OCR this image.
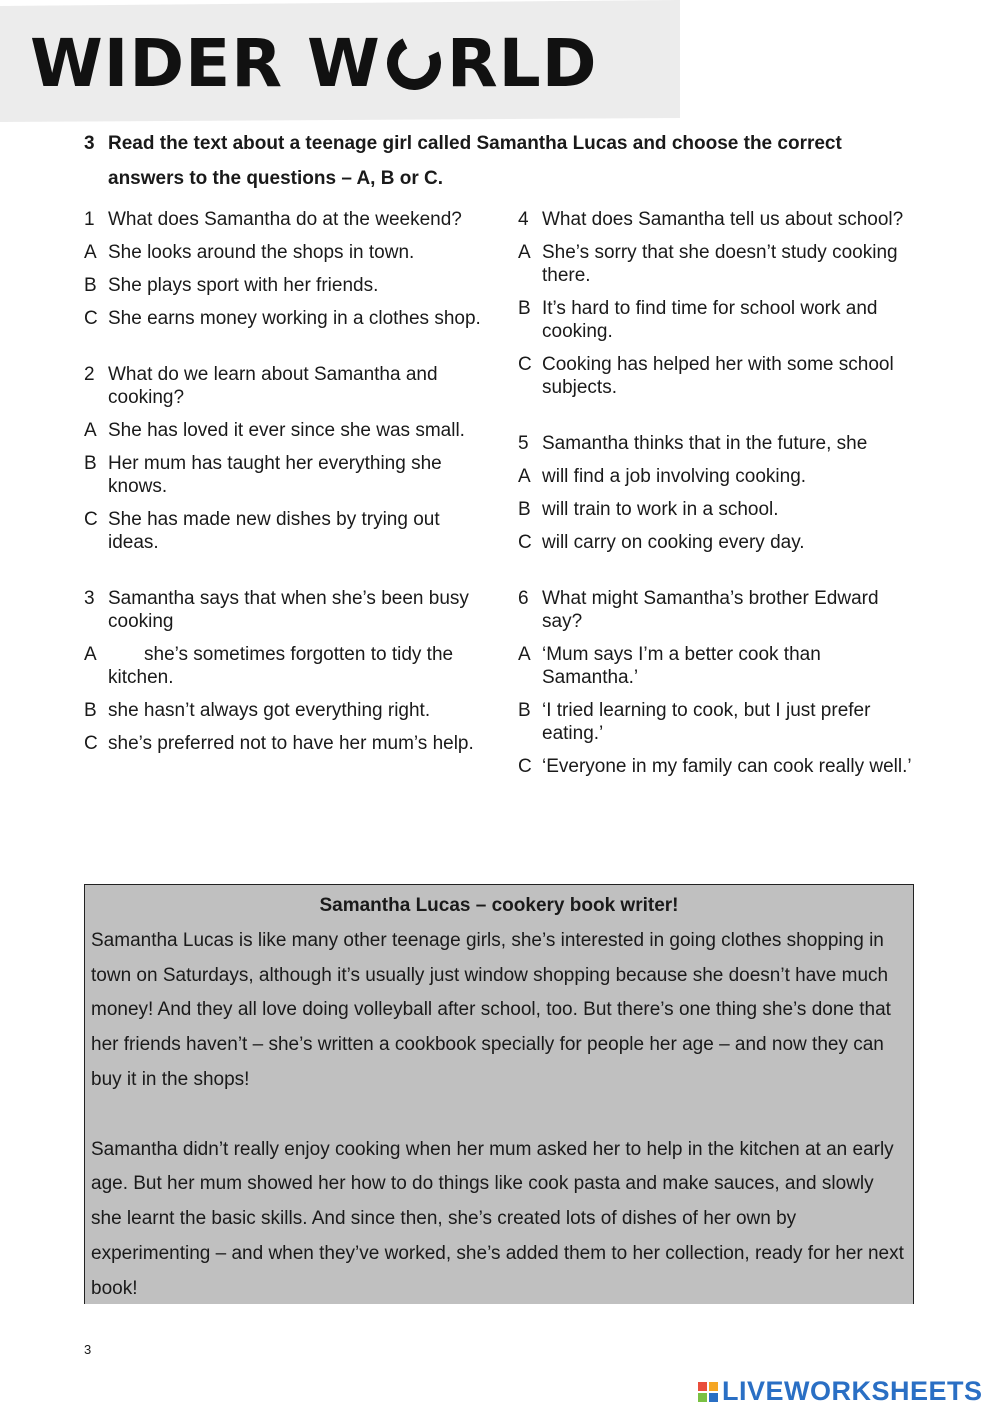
WIDER W RLD
3 Read the text about a teenage girl called Samantha Lucas and choose the correct answers to the questions – A, B or C.
1 What does Samantha do at the weekend?
A She looks around the shops in town.
B She plays sport with her friends.
C She earns money working in a clothes shop.
2 What do we learn about Samantha and cooking?
A She has loved it ever since she was small.
B Her mum has taught her everything she knows.
C She has made new dishes by trying out ideas.
3 Samantha says that when she’s been busy cooking
A she’s sometimes forgotten to tidy the kitchen.
B she hasn’t always got everything right.
C she’s preferred not to have her mum’s help.
4 What does Samantha tell us about school?
A She’s sorry that she doesn’t study cooking there.
B It’s hard to find time for school work and cooking.
C Cooking has helped her with some school subjects.
5 Samantha thinks that in the future, she
A will find a job involving cooking.
B will train to work in a school.
C will carry on cooking every day.
6 What might Samantha’s brother Edward say?
A ‘Mum says I’m a better cook than Samantha.’
B ‘I tried learning to cook, but I just prefer eating.’
C ‘Everyone in my family can cook really well.’
Samantha Lucas – cookery book writer!

Samantha Lucas is like many other teenage girls, she’s interested in going clothes shopping in town on Saturdays, although it’s usually just window shopping because she doesn’t have much money! And they all love doing volleyball after school, too. But there’s one thing she’s done that her friends haven’t – she’s written a cookbook specially for people her age – and now they can buy it in the shops!

Samantha didn’t really enjoy cooking when her mum asked her to help in the kitchen at an early age. But her mum showed her how to do things like cook pasta and make sauces, and slowly she learnt the basic skills. And since then, she’s created lots of dishes of her own by experimenting – and when they’ve worked, she’s added them to her collection, ready for her next book!

3
LIVEWORKSHEETS
